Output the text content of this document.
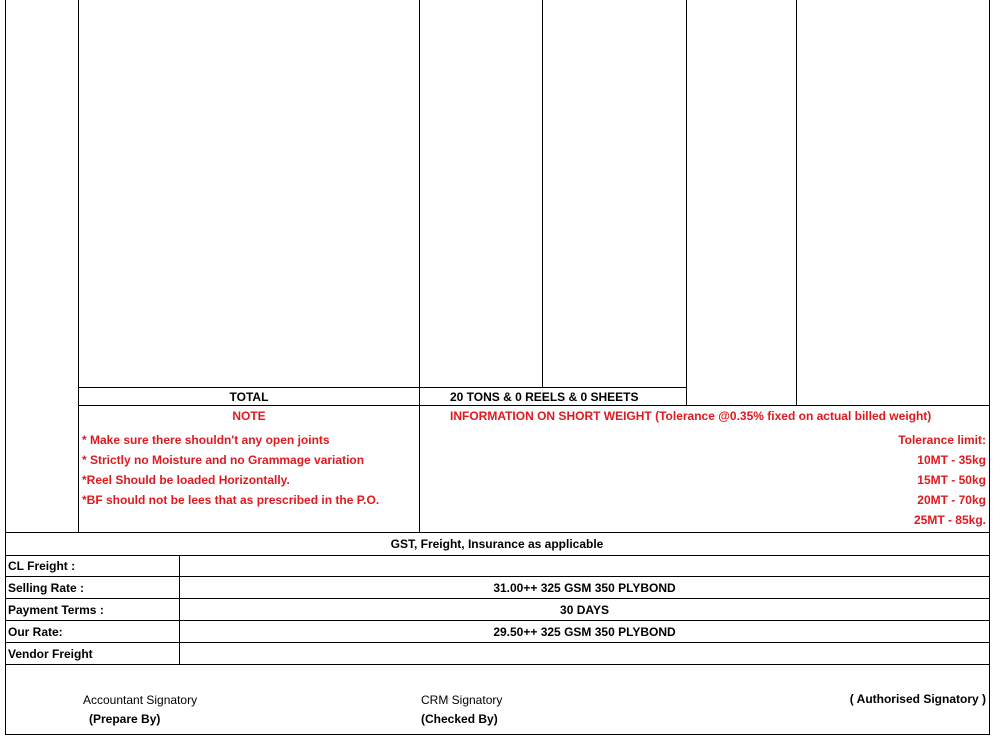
TOTAL	20 TONS & 0 REELS & 0 SHEETS
NOTE
* Make sure there shouldn't any open joints
* Strictly no Moisture and no Grammage variation
*Reel Should be loaded Horizontally.
*BF should not be lees that as prescribed in the P.O.
INFORMATION ON SHORT WEIGHT (Tolerance @0.35% fixed on actual billed weight)
Tolerance limit:
10MT - 35kg
15MT - 50kg
20MT - 70kg
25MT - 85kg.
GST, Freight, Insurance as applicable
CL Freight :
Selling Rate :	31.00++ 325 GSM 350 PLYBOND
Payment Terms :	30 DAYS
Our Rate:	29.50++ 325 GSM 350 PLYBOND
Vendor Freight
Accountant Signatory
(Prepare By)
CRM Signatory
(Checked By)
( Authorised Signatory )
